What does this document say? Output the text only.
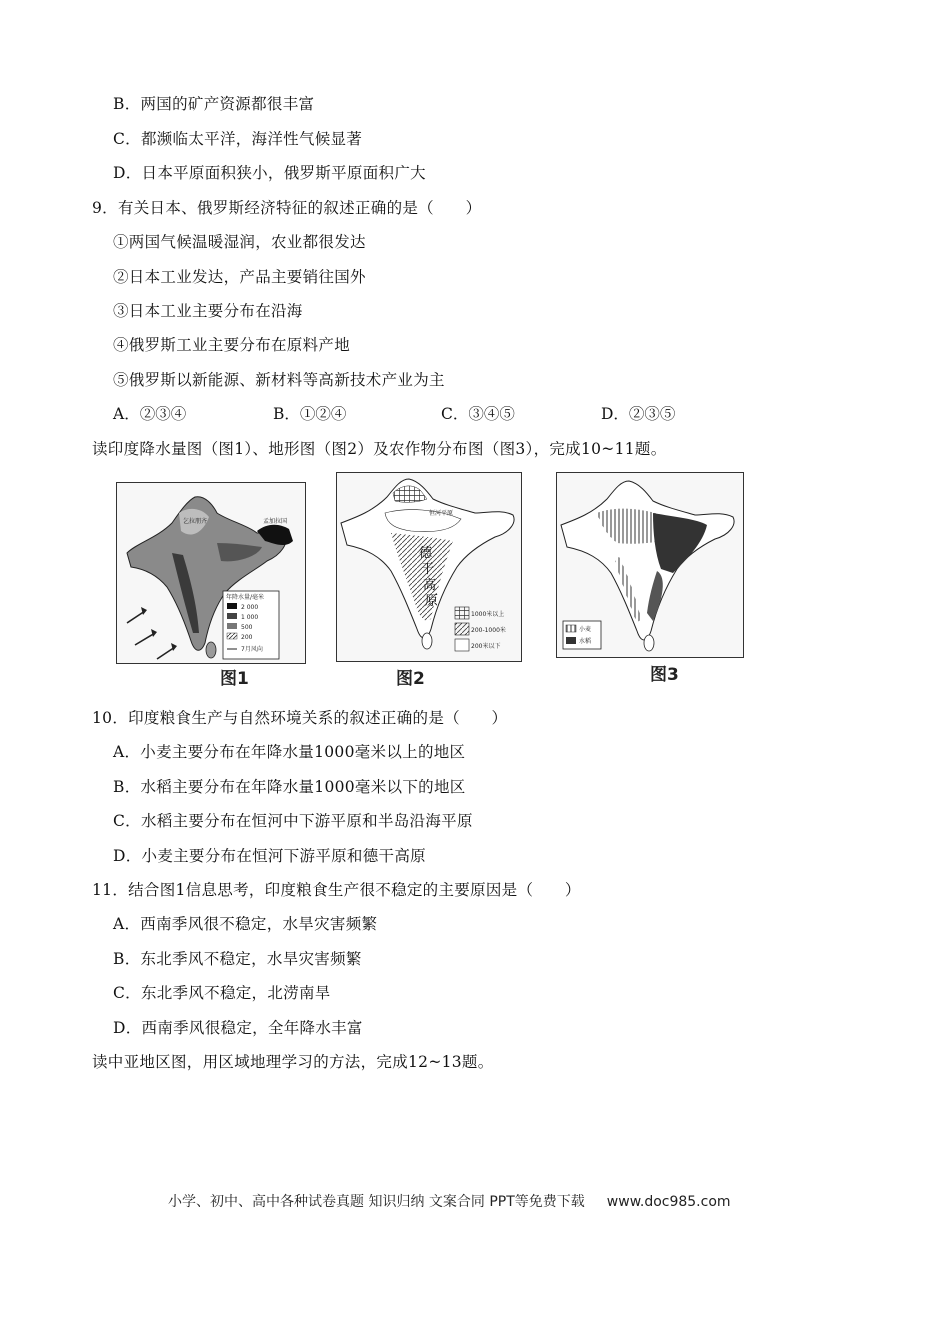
B．两国的矿产资源都很丰富
C．都濒临太平洋，海洋性气候显著
D．日本平原面积狭小，俄罗斯平原面积广大
9．有关日本、俄罗斯经济特征的叙述正确的是（　　）
①两国气候温暖湿润，农业都很发达
②日本工业发达，产品主要销往国外
③日本工业主要分布在沿海
④俄罗斯工业主要分布在原料产地
⑤俄罗斯以新能源、新材料等高新技术产业为主
A．②③④	B．①②④	C．③④⑤	D．②③⑤
读印度降水量图（图1）、地形图（图2）及农作物分布图（图3），完成10~11题。
孟加拉国
乞拉朋齐
年降水量/毫米
2 000
1 000
500
200
7月风向
图1
恒河平原
德
干
高
原
1000米以上
200-1000米
200米以下
图2
小麦
水稻
图3
10．印度粮食生产与自然环境关系的叙述正确的是（　　）
A．小麦主要分布在年降水量1000毫米以上的地区
B．水稻主要分布在年降水量1000毫米以下的地区
C．水稻主要分布在恒河中下游平原和半岛沿海平原
D．小麦主要分布在恒河下游平原和德干高原
11．结合图1信息思考，印度粮食生产很不稳定的主要原因是（　　）
A．西南季风很不稳定，水旱灾害频繁
B．东北季风不稳定，水旱灾害频繁
C．东北季风不稳定，北涝南旱
D．西南季风很稳定，全年降水丰富
读中亚地区图，用区域地理学习的方法，完成12~13题。
小学、初中、高中各种试卷真题 知识归纳 文案合同 PPT等免费下载 www.doc985.com
